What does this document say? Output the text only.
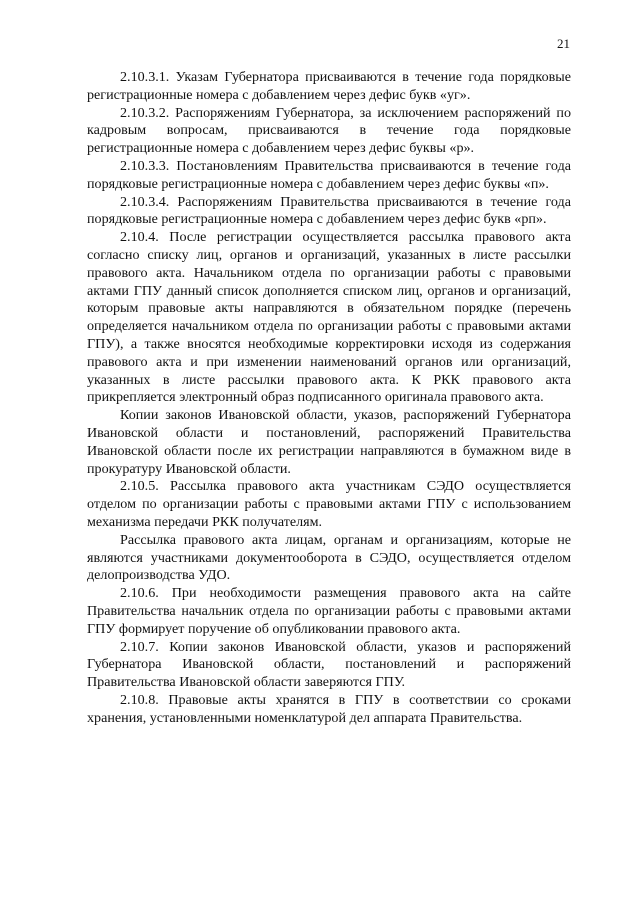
21

2.10.3.1. Указам Губернатора присваиваются в течение года порядковые регистрационные номера с добавлением через дефис букв «уг».

2.10.3.2. Распоряжениям Губернатора, за исключением распоряжений по кадровым вопросам, присваиваются в течение года порядковые регистрационные номера с добавлением через дефис буквы «р».

2.10.3.3. Постановлениям Правительства присваиваются в течение года порядковые регистрационные номера с добавлением через дефис буквы «п».

2.10.3.4. Распоряжениям Правительства присваиваются в течение года порядковые регистрационные номера с добавлением через дефис букв «рп».

2.10.4. После регистрации осуществляется рассылка правового акта согласно списку лиц, органов и организаций, указанных в листе рассылки правового акта. Начальником отдела по организации работы с правовыми актами ГПУ данный список дополняется списком лиц, органов и организаций, которым правовые акты направляются в обязательном порядке (перечень определяется начальником отдела по организации работы с правовыми актами ГПУ), а также вносятся необходимые корректировки исходя из содержания правового акта и при изменении наименований органов или организаций, указанных в листе рассылки правового акта. К РКК правового акта прикрепляется электронный образ подписанного оригинала правового акта.

Копии законов Ивановской области, указов, распоряжений Губернатора Ивановской области и постановлений, распоряжений Правительства Ивановской области после их регистрации направляются в бумажном виде в прокуратуру Ивановской области.

2.10.5. Рассылка правового акта участникам СЭДО осуществляется отделом по организации работы с правовыми актами ГПУ с использованием механизма передачи РКК получателям.

Рассылка правового акта лицам, органам и организациям, которые не являются участниками документооборота в СЭДО, осуществляется отделом делопроизводства УДО.

2.10.6. При необходимости размещения правового акта на сайте Правительства начальник отдела по организации работы с правовыми актами ГПУ формирует поручение об опубликовании правового акта.

2.10.7. Копии законов Ивановской области, указов и распоряжений Губернатора Ивановской области, постановлений и распоряжений Правительства Ивановской области заверяются ГПУ.

2.10.8. Правовые акты хранятся в ГПУ в соответствии со сроками хранения, установленными номенклатурой дел аппарата Правительства.
